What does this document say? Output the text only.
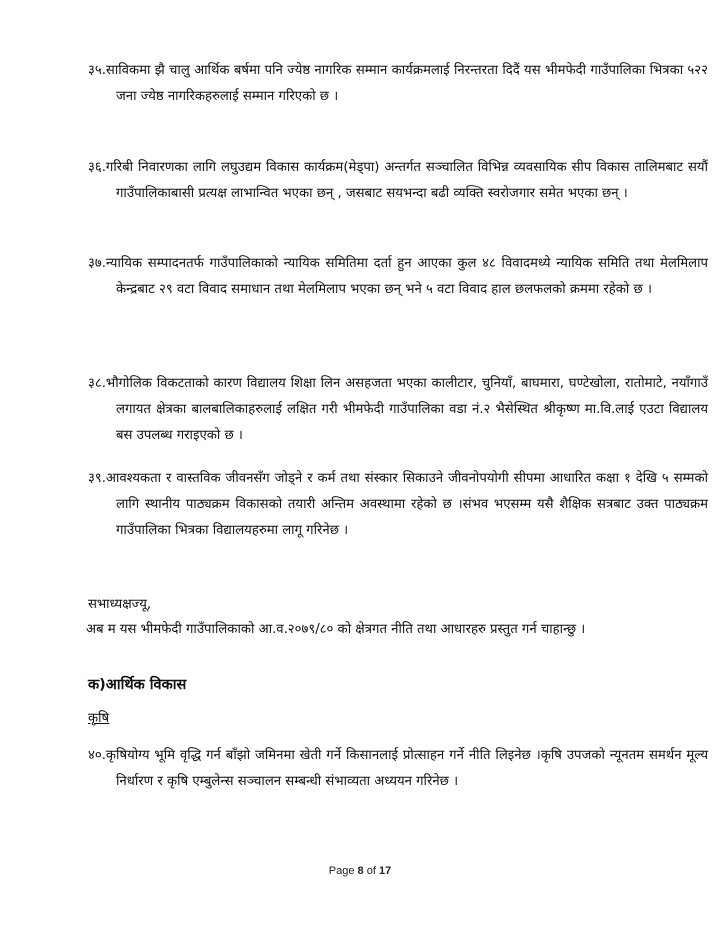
३५.साविकमा झै चालु आर्थिक बर्षमा पनि ज्येष्ठ नागरिक सम्मान कार्यक्रमलाई निरन्तरता दिदैं यस भीमफेदी गाउँपालिका भित्रका ५२२ जना ज्येष्ठ नागरिकहरुलाई सम्मान गरिएको छ ।
३६.गरिबी निवारणका लागि लघुउद्यम विकास कार्यक्रम(मेड्पा) अन्तर्गत सञ्चालित विभिन्न व्यवसायिक सीप विकास तालिमबाट सयौं गाउँपालिकाबासी प्रत्यक्ष लाभान्वित भएका छन् , जसबाट सयभन्दा बढी व्यक्ति स्वरोजगार समेत भएका छन् ।
३७.न्यायिक सम्पादनतर्फ गाउँपालिकाको न्यायिक समितिमा दर्ता हुन आएका कुल ४८ विवादमध्ये न्यायिक समिति तथा मेलमिलाप केन्द्रबाट २९ वटा विवाद समाधान तथा मेलमिलाप भएका छन् भने ५ वटा विवाद हाल छलफलको क्रममा रहेको छ ।
३८.भौगोलिक विकटताको कारण विद्यालय शिक्षा लिन असहजता भएका कालीटार, चुनियाँ, बाघमारा, घण्टेखोला, रातोमाटे, नयाँगाउँ लगायत क्षेत्रका बालबालिकाहरुलाई लक्षित गरी भीमफेदी गाउँपालिका वडा नं.२ भैसेस्थित श्रीकृष्ण मा.वि.लाई एउटा विद्यालय बस उपलब्ध गराइएको छ ।
३९.आवश्यकता र वास्तविक जीवनसँग जोड्ने र कर्म तथा संस्कार सिकाउने जीवनोपयोगी सीपमा आधारित कक्षा १ देखि ५ सम्मको लागि स्थानीय पाठ्यक्रम विकासको तयारी अन्तिम अवस्थामा रहेको छ ।संभव भएसम्म यसै शैक्षिक सत्रबाट उक्त पाठ्यक्रम गाउँपालिका भित्रका विद्यालयहरुमा लागू गरिनेछ ।
सभाध्यक्षज्यू,
अब म यस भीमफेदी गाउँपालिकाको आ.व.२०७९/८० को क्षेत्रगत नीति तथा आधारहरु प्रस्तुत गर्न चाहान्छु ।
क)आर्थिक विकास
कृषि
४०.कृषियोग्य भूमि वृद्धि गर्न बाँझो जमिनमा खेती गर्ने किसानलाई प्रोत्साहन गर्ने नीति लिइनेछ ।कृषि उपजको न्यूनतम समर्थन मूल्य निर्धारण र कृषि एम्बुलेन्स सञ्चालन सम्बन्धी संभाव्यता अध्ययन गरिनेछ ।
Page 8 of 17
